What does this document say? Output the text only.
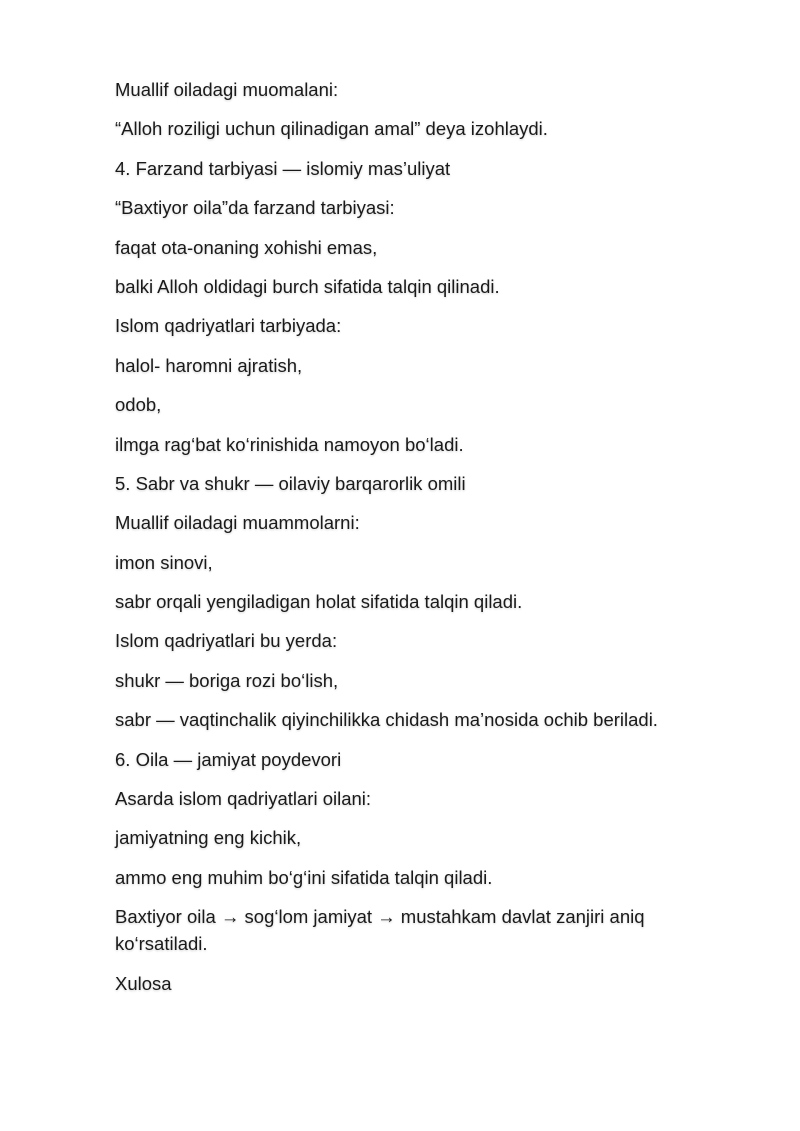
Muallif oiladagi muomalani:

“Alloh roziligi uchun qilinadigan amal” deya izohlaydi.

4. Farzand tarbiyasi — islomiy mas’uliyat

“Baxtiyor oila”da farzand tarbiyasi:

faqat ota-onaning xohishi emas,

balki Alloh oldidagi burch sifatida talqin qilinadi.

Islom qadriyatlari tarbiyada:

halol- haromni ajratish,

odob,

ilmga rag‘bat ko‘rinishida namoyon bo‘ladi.

5. Sabr va shukr — oilaviy barqarorlik omili

Muallif oiladagi muammolarni:

imon sinovi,

sabr orqali yengiladigan holat sifatida talqin qiladi.

Islom qadriyatlari bu yerda:

shukr — boriga rozi bo‘lish,

sabr — vaqtinchalik qiyinchilikka chidash ma’nosida ochib beriladi.

6. Oila — jamiyat poydevori

Asarda islom qadriyatlari oilani:

jamiyatning eng kichik,

ammo eng muhim bo‘g‘ini sifatida talqin qiladi.

Baxtiyor oila → sog‘lom jamiyat → mustahkam davlat zanjiri aniq ko‘rsatiladi.

Xulosa
